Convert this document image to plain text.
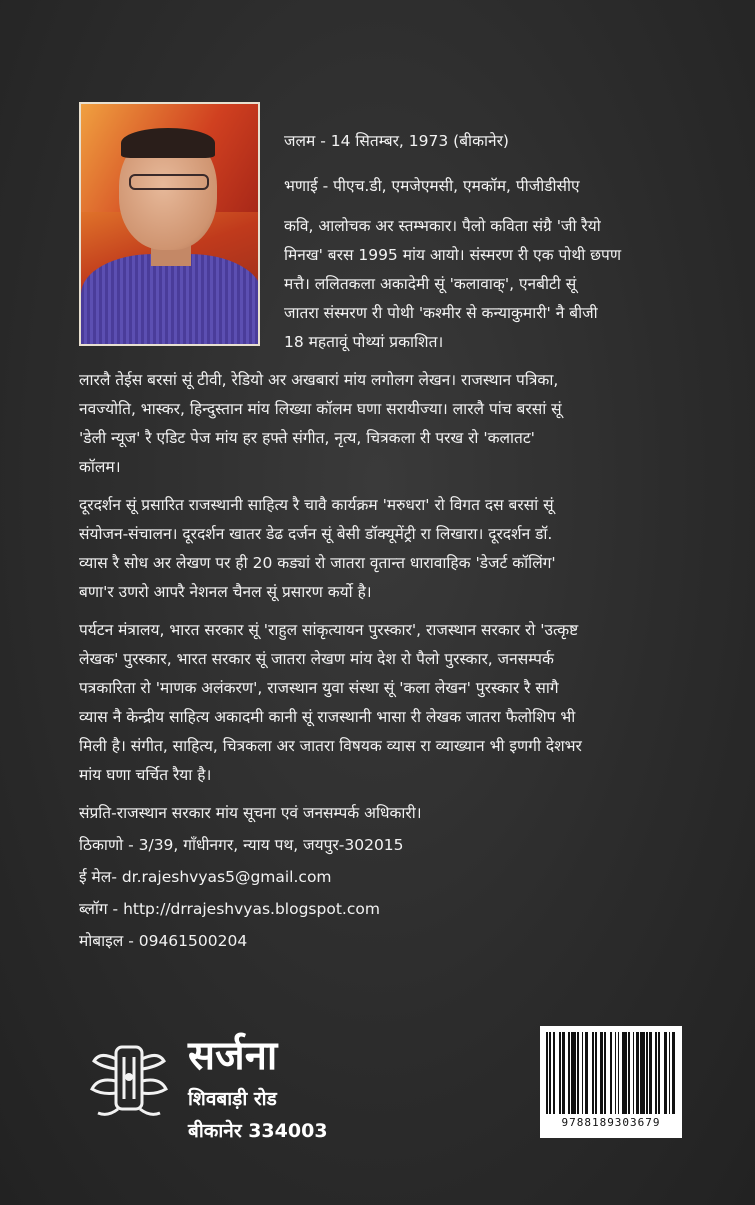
जलम - 14 सितम्बर, 1973 (बीकानेर)

भणाई - पीएच.डी, एमजेएमसी, एमकॉम, पीजीडीसीए

कवि, आलोचक अर स्तम्भकार। पैलो कविता संग्रै 'जी रैयो

मिनख' बरस 1995 मांय आयो। संस्मरण री एक पोथी छपण

मत्तै। ललितकला अकादेमी सूं 'कलावाक्', एनबीटी सूं

जातरा संस्मरण री पोथी 'कश्मीर से कन्याकुमारी' नै बीजी

18 महतावूं पोथ्यां प्रकाशित।

लारलै तेईस बरसां सूं टीवी, रेडियो अर अखबारां मांय लगोलग लेखन। राजस्थान पत्रिका,

नवज्योति, भास्कर, हिन्दुस्तान मांय लिख्या कॉलम घणा सरायीज्या। लारलै पांच बरसां सूं

'डेली न्यूज' रै एडिट पेज मांय हर हफ्ते संगीत, नृत्य, चित्रकला री परख रो 'कलातट'

कॉलम।

दूरदर्शन सूं प्रसारित राजस्थानी साहित्य रै चावै कार्यक्रम 'मरुधरा' रो विगत दस बरसां सूं

संयोजन-संचालन। दूरदर्शन खातर डेढ दर्जन सूं बेसी डॉक्यूमेंट्री रा लिखारा। दूरदर्शन डॉ.

व्यास रै सोध अर लेखण पर ही 20 कड्यां रो जातरा वृतान्त धारावाहिक 'डेजर्ट कॉलिंग'

बणा'र उणरो आपरै नेशनल चैनल सूं प्रसारण कर्यो है।

पर्यटन मंत्रालय, भारत सरकार सूं 'राहुल सांकृत्यायन पुरस्कार', राजस्थान सरकार रो 'उत्कृष्ट

लेखक' पुरस्कार, भारत सरकार सूं जातरा लेखण मांय देश रो पैलो पुरस्कार, जनसम्पर्क

पत्रकारिता रो 'माणक अलंकरण', राजस्थान युवा संस्था सूं 'कला लेखन' पुरस्कार रै सागै

व्यास नै केन्द्रीय साहित्य अकादमी कानी सूं राजस्थानी भासा री लेखक जातरा फैलोशिप भी

मिली है। संगीत, साहित्य, चित्रकला अर जातरा विषयक व्यास रा व्याख्यान भी इणगी देशभर

मांय घणा चर्चित रैया है।

संप्रति-राजस्थान सरकार मांय सूचना एवं जनसम्पर्क अधिकारी।

ठिकाणो - 3/39, गाँधीनगर, न्याय पथ, जयपुर-302015

ई मेल- dr.rajeshvyas5@gmail.com

ब्लॉग - http://drrajeshvyas.blogspot.com

मोबाइल - 09461500204

सर्जना
शिवबाड़ी रोड
बीकानेर 334003	9788189303679
